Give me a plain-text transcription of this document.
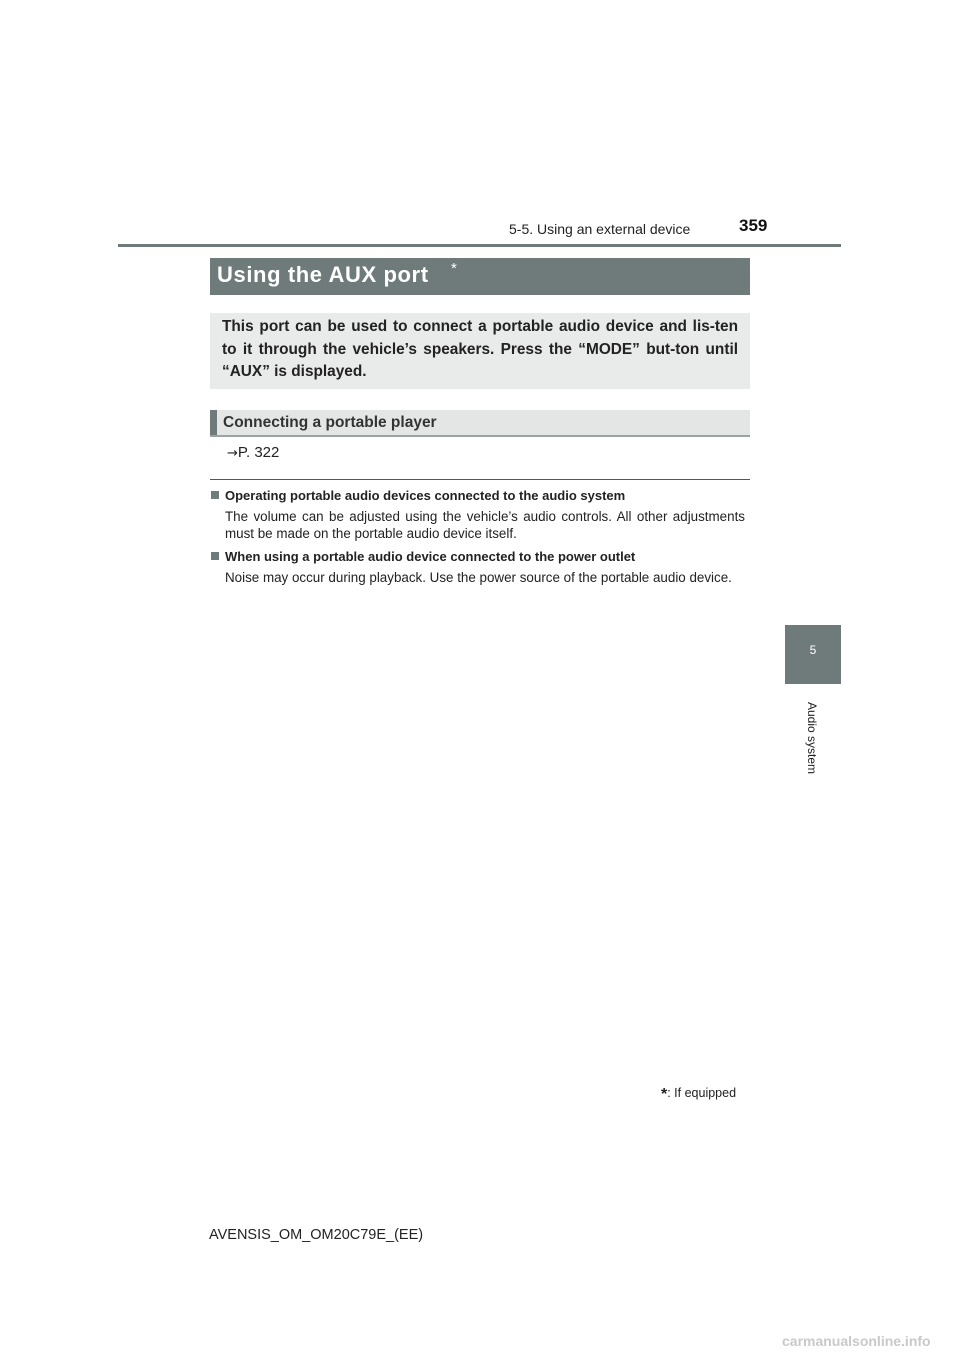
5-5. Using an external device	359
5
Audio system
Using the AUX port *
This port can be used to connect a portable audio device and lis-ten to it through the vehicle’s speakers. Press the “MODE” but-ton until “AUX” is displayed.
Connecting a portable player
→P. 322
Operating portable audio devices connected to the audio system
The volume can be adjusted using the vehicle’s audio controls. All other adjustments must be made on the portable audio device itself.
When using a portable audio device connected to the power outlet
Noise may occur during playback. Use the power source of the portable audio device.
*: If equipped
AVENSIS_OM_OM20C79E_(EE)
carmanualsonline.info
